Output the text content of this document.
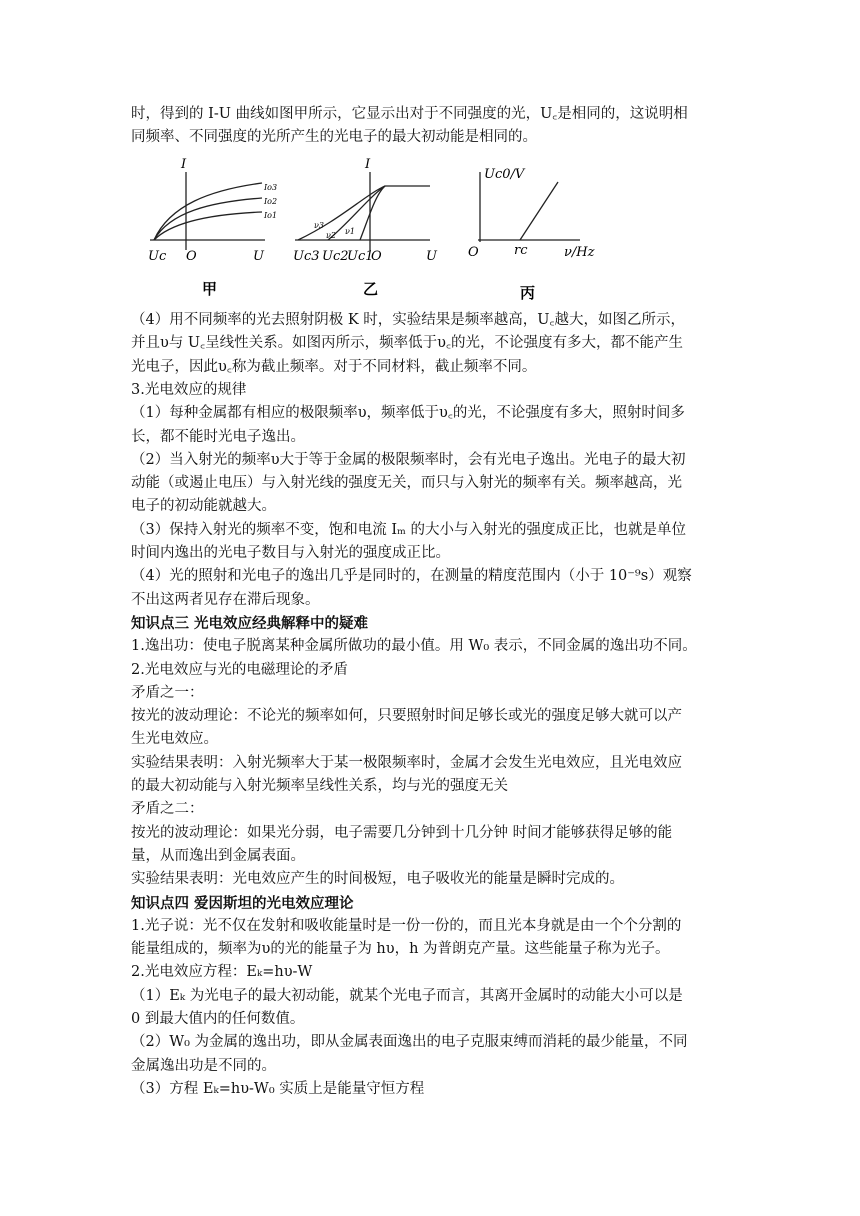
时，得到的 I-U 曲线如图甲所示，它显示出对于不同强度的光，U꜀是相同的，这说明相

同频率、不同强度的光所产生的光电子的最大初动能是相同的。

I
U
O
Uc
Io3
Io2
Io1
甲
I
U
O
Uc3 Uc2
Uc1
ν3
ν2 ν1
乙
Uc0/V
ν/Hz
O	rc
丙

（4）用不同频率的光去照射阴极 K 时，实验结果是频率越高，U꜀越大，如图乙所示，

并且υ与 U꜀呈线性关系。如图丙所示，频率低于υ꜀的光，不论强度有多大，都不能产生

光电子，因此υ꜀称为截止频率。对于不同材料，截止频率不同。

3.光电效应的规律

（1）每种金属都有相应的极限频率υ，频率低于υ꜀的光，不论强度有多大，照射时间多

长，都不能时光电子逸出。

（2）当入射光的频率υ大于等于金属的极限频率时，会有光电子逸出。光电子的最大初

动能（或遏止电压）与入射光线的强度无关，而只与入射光的频率有关。频率越高，光

电子的初动能就越大。

（3）保持入射光的频率不变，饱和电流 Iₘ 的大小与入射光的强度成正比，也就是单位

时间内逸出的光电子数目与入射光的强度成正比。

（4）光的照射和光电子的逸出几乎是同时的，在测量的精度范围内（小于 10⁻⁹s）观察

不出这两者见存在滞后现象。

知识点三 光电效应经典解释中的疑难

1.逸出功：使电子脱离某种金属所做功的最小值。用 W₀ 表示，不同金属的逸出功不同。

2.光电效应与光的电磁理论的矛盾

矛盾之一：

按光的波动理论：不论光的频率如何，只要照射时间足够长或光的强度足够大就可以产

生光电效应。

实验结果表明：入射光频率大于某一极限频率时，金属才会发生光电效应，且光电效应

的最大初动能与入射光频率呈线性关系，均与光的强度无关

矛盾之二：

按光的波动理论：如果光分弱，电子需要几分钟到十几分钟 时间才能够获得足够的能

量，从而逸出到金属表面。

实验结果表明：光电效应产生的时间极短，电子吸收光的能量是瞬时完成的。

知识点四 爱因斯坦的光电效应理论

1.光子说：光不仅在发射和吸收能量时是一份一份的，而且光本身就是由一个个分割的

能量组成的，频率为υ的光的能量子为 hυ，h 为普朗克产量。这些能量子称为光子。

2.光电效应方程：Eₖ=hυ-W

（1）Eₖ 为光电子的最大初动能，就某个光电子而言，其离开金属时的动能大小可以是

0 到最大值内的任何数值。

（2）W₀ 为金属的逸出功，即从金属表面逸出的电子克服束缚而消耗的最少能量，不同

金属逸出功是不同的。

（3）方程 Eₖ=hυ-W₀ 实质上是能量守恒方程
